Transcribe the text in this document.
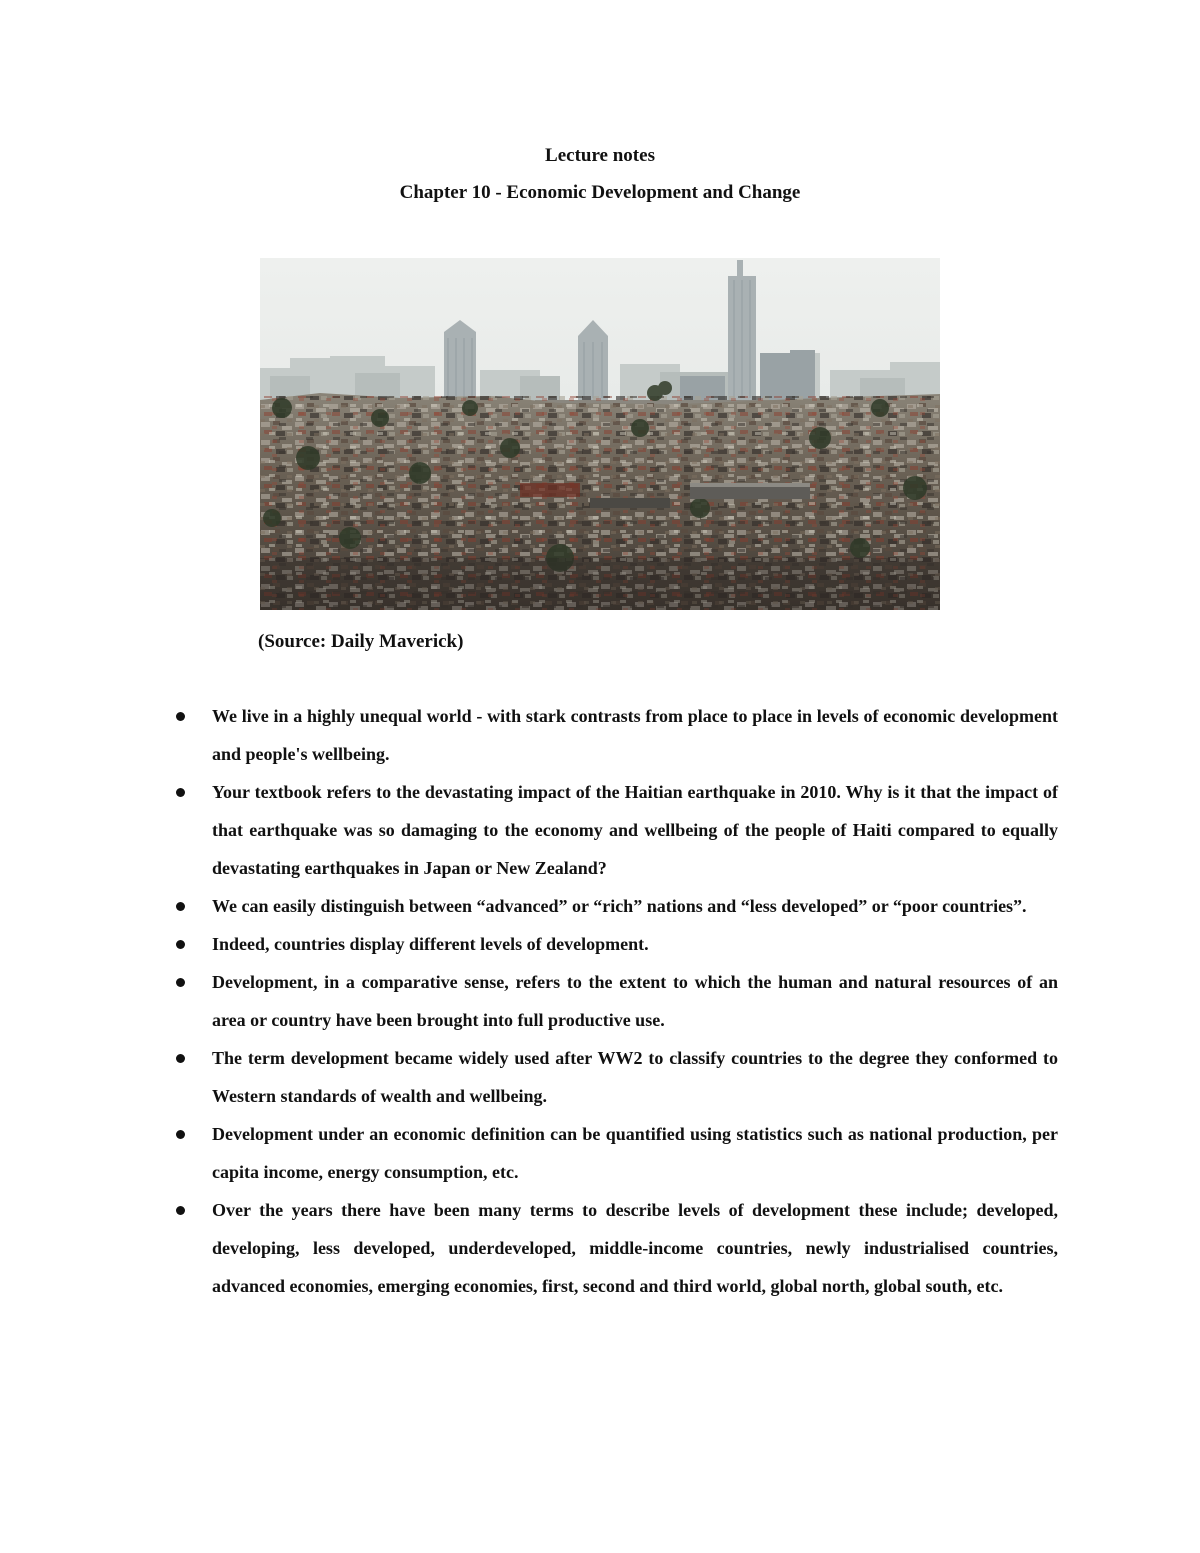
Lecture notes
Chapter 10 - Economic Development and Change
(Source: Daily Maverick)
We live in a highly unequal world - with stark contrasts from place to place in levels of economic development and people's wellbeing.
Your textbook refers to the devastating impact of the Haitian earthquake in 2010. Why is it that the impact of that earthquake was so damaging to the economy and wellbeing of the people of Haiti compared to equally devastating earthquakes in Japan or New Zealand?
We can easily distinguish between “advanced” or “rich” nations and “less developed” or “poor countries”.
Indeed, countries display different levels of development.
Development, in a comparative sense, refers to the extent to which the human and natural resources of an area or country have been brought into full productive use.
The term development became widely used after WW2 to classify countries to the degree they conformed to Western standards of wealth and wellbeing.
Development under an economic definition can be quantified using statistics such as national production, per capita income, energy consumption, etc.
Over the years there have been many terms to describe levels of development these include; developed, developing, less developed, underdeveloped, middle-income countries, newly industrialised countries, advanced economies, emerging economies, first, second and third world, global north, global south, etc.
